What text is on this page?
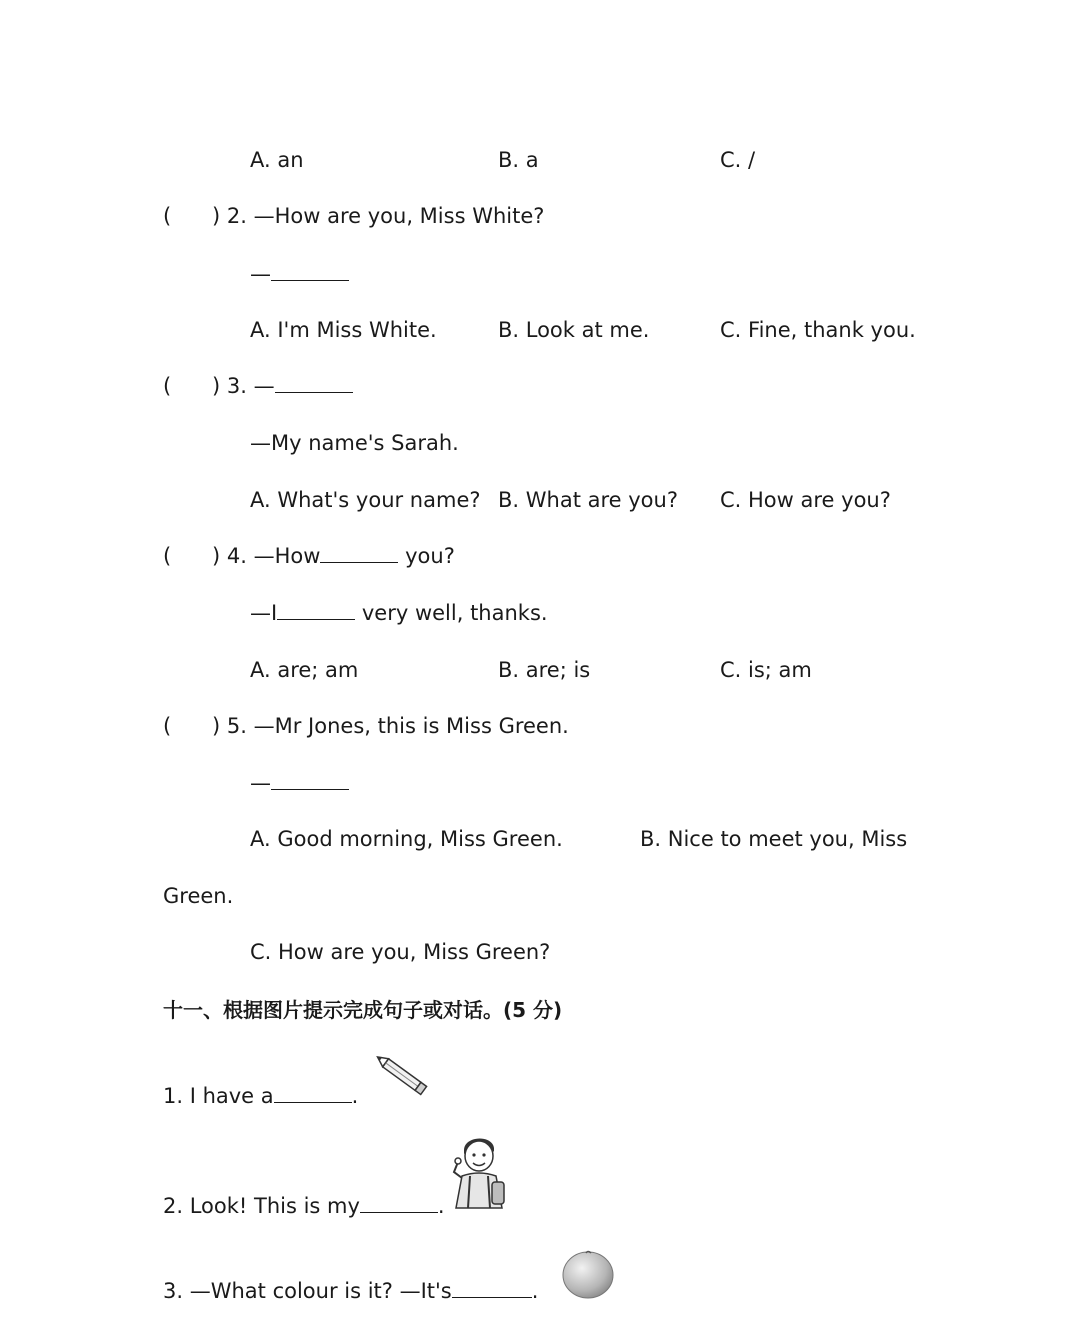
A. an	B. a	C. /
( ) 2. —How are you, Miss White?
—
A. I'm Miss White.	B. Look at me.	C. Fine, thank you.
( ) 3. —
—My name's Sarah.
A. What's your name? B. What are you? C. How are you?
( ) 4. —How	you?
—I	very well, thanks.
A. are; am	B. are; is	C. is; am
( ) 5. —Mr Jones, this is Miss Green.
—
A. Good morning, Miss Green.	B. Nice to meet you, Miss
Green.
C. How are you, Miss Green?
十一、根据图片提示完成句子或对话。(5 分)
1. I have a	.
2. Look! This is my	.
3. —What colour is it? —It's	.
